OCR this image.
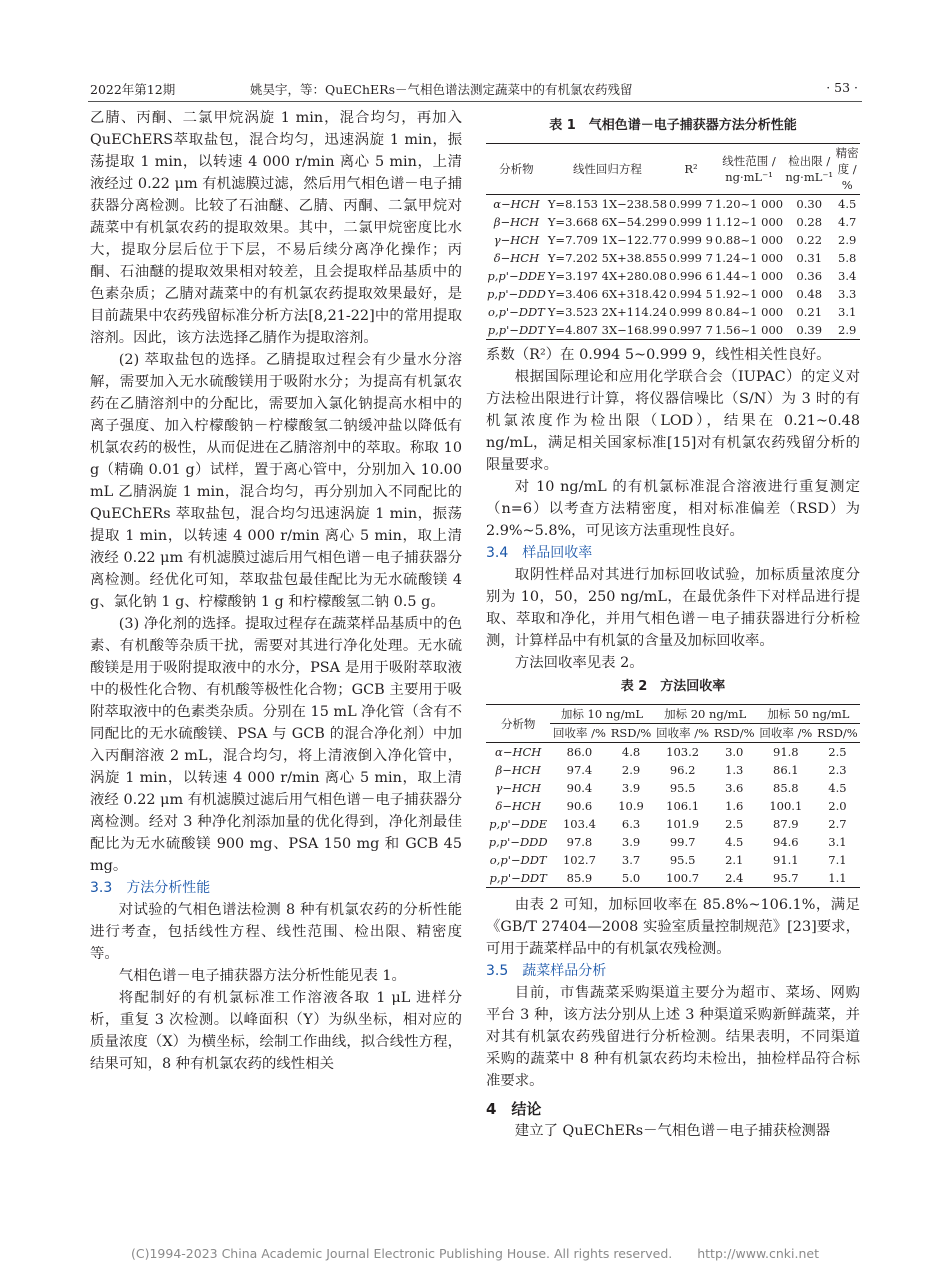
2022年第12期	姚昊宇，等：QuEChERs－气相色谱法测定蔬菜中的有机氯农药残留	· 53 ·

乙腈、丙酮、二氯甲烷涡旋 1 min，混合均匀，再加入QuEChERS萃取盐包，混合均匀，迅速涡旋 1 min，振荡提取 1 min，以转速 4 000 r/min 离心 5 min，上清液经过 0.22 μm 有机滤膜过滤，然后用气相色谱－电子捕获器分离检测。比较了石油醚、乙腈、丙酮、二氯甲烷对蔬菜中有机氯农药的提取效果。其中，二氯甲烷密度比水大，提取分层后位于下层，不易后续分离净化操作；丙酮、石油醚的提取效果相对较差，且会提取样品基质中的色素杂质；乙腈对蔬菜中的有机氯农药提取效果最好，是目前蔬果中农药残留标准分析方法[8,21-22]中的常用提取溶剂。因此，该方法选择乙腈作为提取溶剂。

(2) 萃取盐包的选择。乙腈提取过程会有少量水分溶解，需要加入无水硫酸镁用于吸附水分；为提高有机氯农药在乙腈溶剂中的分配比，需要加入氯化钠提高水相中的离子强度、加入柠檬酸钠－柠檬酸氢二钠缓冲盐以降低有机氯农药的极性，从而促进在乙腈溶剂中的萃取。称取 10 g（精确 0.01 g）试样，置于离心管中，分别加入 10.00 mL 乙腈涡旋 1 min，混合均匀，再分别加入不同配比的 QuEChERs 萃取盐包，混合均匀迅速涡旋 1 min，振荡提取 1 min，以转速 4 000 r/min 离心 5 min，取上清液经 0.22 μm 有机滤膜过滤后用气相色谱－电子捕获器分离检测。经优化可知，萃取盐包最佳配比为无水硫酸镁 4 g、氯化钠 1 g、柠檬酸钠 1 g 和柠檬酸氢二钠 0.5 g。

(3) 净化剂的选择。提取过程存在蔬菜样品基质中的色素、有机酸等杂质干扰，需要对其进行净化处理。无水硫酸镁是用于吸附提取液中的水分，PSA 是用于吸附萃取液中的极性化合物、有机酸等极性化合物；GCB 主要用于吸附萃取液中的色素类杂质。分别在 15 mL 净化管（含有不同配比的无水硫酸镁、PSA 与 GCB 的混合净化剂）中加入丙酮溶液 2 mL，混合均匀，将上清液倒入净化管中，涡旋 1 min，以转速 4 000 r/min 离心 5 min，取上清液经 0.22 μm 有机滤膜过滤后用气相色谱－电子捕获器分离检测。经对 3 种净化剂添加量的优化得到，净化剂最佳配比为无水硫酸镁 900 mg、PSA 150 mg 和 GCB 45 mg。

3.3　方法分析性能

对试验的气相色谱法检测 8 种有机氯农药的分析性能进行考查，包括线性方程、线性范围、检出限、精密度等。

气相色谱－电子捕获器方法分析性能见表 1。

将配制好的有机氯标准工作溶液各取 1 μL 进样分析，重复 3 次检测。以峰面积（Y）为纵坐标，相对应的质量浓度（X）为横坐标，绘制工作曲线，拟合线性方程，结果可知，8 种有机氯农药的线性相关

表 1　气相色谱－电子捕获器方法分析性能

分析物	线性回归方程	R²	线性范围 / ng·mL⁻¹	检出限 / ng·mL⁻¹	精密度 / %
α−HCH	Y=8.153 1X−238.58	0.999 7	1.20~1 000	0.30	4.5
β−HCH	Y=3.668 6X−54.299	0.999 1	1.12~1 000	0.28	4.7
γ−HCH	Y=7.709 1X−122.77	0.999 9	0.88~1 000	0.22	2.9
δ−HCH	Y=7.202 5X+38.855	0.999 7	1.24~1 000	0.31	5.8
p,p'−DDE	Y=3.197 4X+280.08	0.996 6	1.44~1 000	0.36	3.4
p,p'−DDD	Y=3.406 6X+318.42	0.994 5	1.92~1 000	0.48	3.3
o,p'−DDT	Y=3.523 2X+114.24	0.999 8	0.84~1 000	0.21	3.1
p,p'−DDT	Y=4.807 3X−168.99	0.997 7	1.56~1 000	0.39	2.9

系数（R²）在 0.994 5~0.999 9，线性相关性良好。

根据国际理论和应用化学联合会（IUPAC）的定义对方法检出限进行计算，将仪器信噪比（S/N）为 3 时的有机氯浓度作为检出限（LOD），结果在 0.21~0.48 ng/mL，满足相关国家标准[15]对有机氯农药残留分析的限量要求。

对 10 ng/mL 的有机氯标准混合溶液进行重复测定（n=6）以考查方法精密度，相对标准偏差（RSD）为 2.9%~5.8%，可见该方法重现性良好。

3.4　样品回收率

取阴性样品对其进行加标回收试验，加标质量浓度分别为 10，50，250 ng/mL，在最优条件下对样品进行提取、萃取和净化，并用气相色谱－电子捕获器进行分析检测，计算样品中有机氯的含量及加标回收率。

方法回收率见表 2。

表 2　方法回收率

分析物	加标 10 ng/mL		加标 20 ng/mL		加标 50 ng/mL	
	回收率 /%	RSD/%	回收率 /%	RSD/%	回收率 /%	RSD/%
α−HCH	86.0	4.8	103.2	3.0	91.8	2.5
β−HCH	97.4	2.9	96.2	1.3	86.1	2.3
γ−HCH	90.4	3.9	95.5	3.6	85.8	4.5
δ−HCH	90.6	10.9	106.1	1.6	100.1	2.0
p,p'−DDE	103.4	6.3	101.9	2.5	87.9	2.7
p,p'−DDD	97.8	3.9	99.7	4.5	94.6	3.1
o,p'−DDT	102.7	3.7	95.5	2.1	91.1	7.1
p,p'−DDT	85.9	5.0	100.7	2.4	95.7	1.1

由表 2 可知，加标回收率在 85.8%~106.1%，满足《GB/T 27404—2008 实验室质量控制规范》[23]要求，可用于蔬菜样品中的有机氯农残检测。

3.5　蔬菜样品分析

目前，市售蔬菜采购渠道主要分为超市、菜场、网购平台 3 种，该方法分别从上述 3 种渠道采购新鲜蔬菜，并对其有机氯农药残留进行分析检测。结果表明，不同渠道采购的蔬菜中 8 种有机氯农药均未检出，抽检样品符合标准要求。

4　结论

建立了 QuEChERs－气相色谱－电子捕获检测器

(C)1994-2023 China Academic Journal Electronic Publishing House. All rights reserved.　　http://www.cnki.net
